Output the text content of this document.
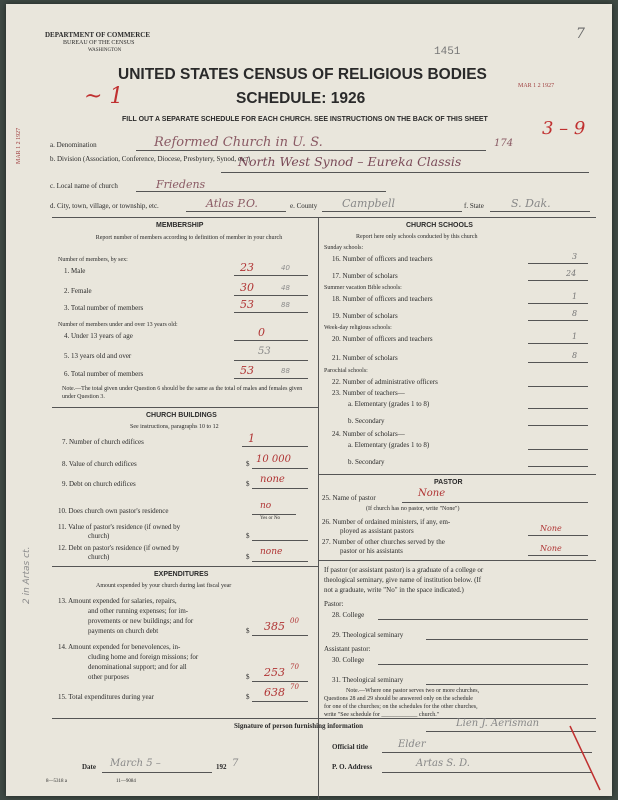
DEPARTMENT OF COMMERCE
BUREAU OF THE CENSUS
WASHINGTON	1451
7
UNITED STATES CENSUS OF RELIGIOUS BODIES
MAR 1 2 1927
SCHEDULE: 1926
~ 1
FILL OUT A SEPARATE SCHEDULE FOR EACH CHURCH. SEE INSTRUCTIONS ON THE BACK OF THIS SHEET	3 – 9
MAR 1 2 1927	a. Denomination	Reformed Church in U. S.	174
b. Division (Association, Conference, Diocese, Presbytery, Synod, etc.)
North West Synod – Eureka Classis
c. Local name of church	Friedens
d. City, town, village, or township, etc.	Atlas P.O.	e. County Campbell	f. State S. Dak.
MEMBERSHIP
Report number of members according to definition of member in your church
Number of members, by sex:
1. Male	23	40
2. Female	30	48
3. Total number of members	53	88
Number of members under and over 13 years old:
4. Under 13 years of age	0
5. 13 years old and over	53
6. Total number of members	53	88
Note.—The total given under Question 6 should be the same as the total of males and females given under Question 3.
CHURCH BUILDINGS
See instructions, paragraphs 10 to 12
7. Number of church edifices	1
8. Value of church edifices	$ 10 000
9. Debt on church edifices	$ none
10. Does church own pastor's residence	no
Yes or No
11. Value of pastor's residence (if owned by
church)	$
12. Debt on pastor's residence (if owned by
church)	$ none
EXPENDITURES
Amount expended by your church during last fiscal year
13. Amount expended for salaries, repairs,
and other running expenses; for im-
provements or new buildings; and for
payments on church debt	$ 385 00
14. Amount expended for benevolences, in-
cluding home and foreign missions; for
denominational support; and for all
other purposes	$ 253 70
15. Total expenditures during year	$ 638 70
2 in Artas ct.
CHURCH SCHOOLS
Report here only schools conducted by this church
Sunday schools:
16. Number of officers and teachers	3
17. Number of scholars	24
Summer vacation Bible schools:
18. Number of officers and teachers	1
19. Number of scholars	8
Week-day religious schools:
20. Number of officers and teachers	1
21. Number of scholars	8
Parochial schools:
22. Number of administrative officers
23. Number of teachers—
a. Elementary (grades 1 to 8)
b. Secondary
24. Number of scholars—
a. Elementary (grades 1 to 8)
b. Secondary
PASTOR
25. Name of pastor	None
(If church has no pastor, write "None")
26. Number of ordained ministers, if any, em-
ployed as assistant pastors	None
27. Number of other churches served by the
pastor or his assistants	None
If pastor (or assistant pastor) is a graduate of a college or
theological seminary, give name of institution below. (If
not a graduate, write "No" in the space indicated.)
Pastor:
28. College
29. Theological seminary
Assistant pastor:
30. College
31. Theological seminary
Note.—Where one pastor serves two or more churches,
Questions 28 and 29 should be answered only on the schedule
for one of the churches; on the schedules for the other churches,
write "See schedule for ____________ church."
Signature of person furnishing information	Lien J. Aerisman
Official title	Elder
Date March 5 –	192 7	P. O. Address	Artas S. D.
8—5318 a	11—9084
